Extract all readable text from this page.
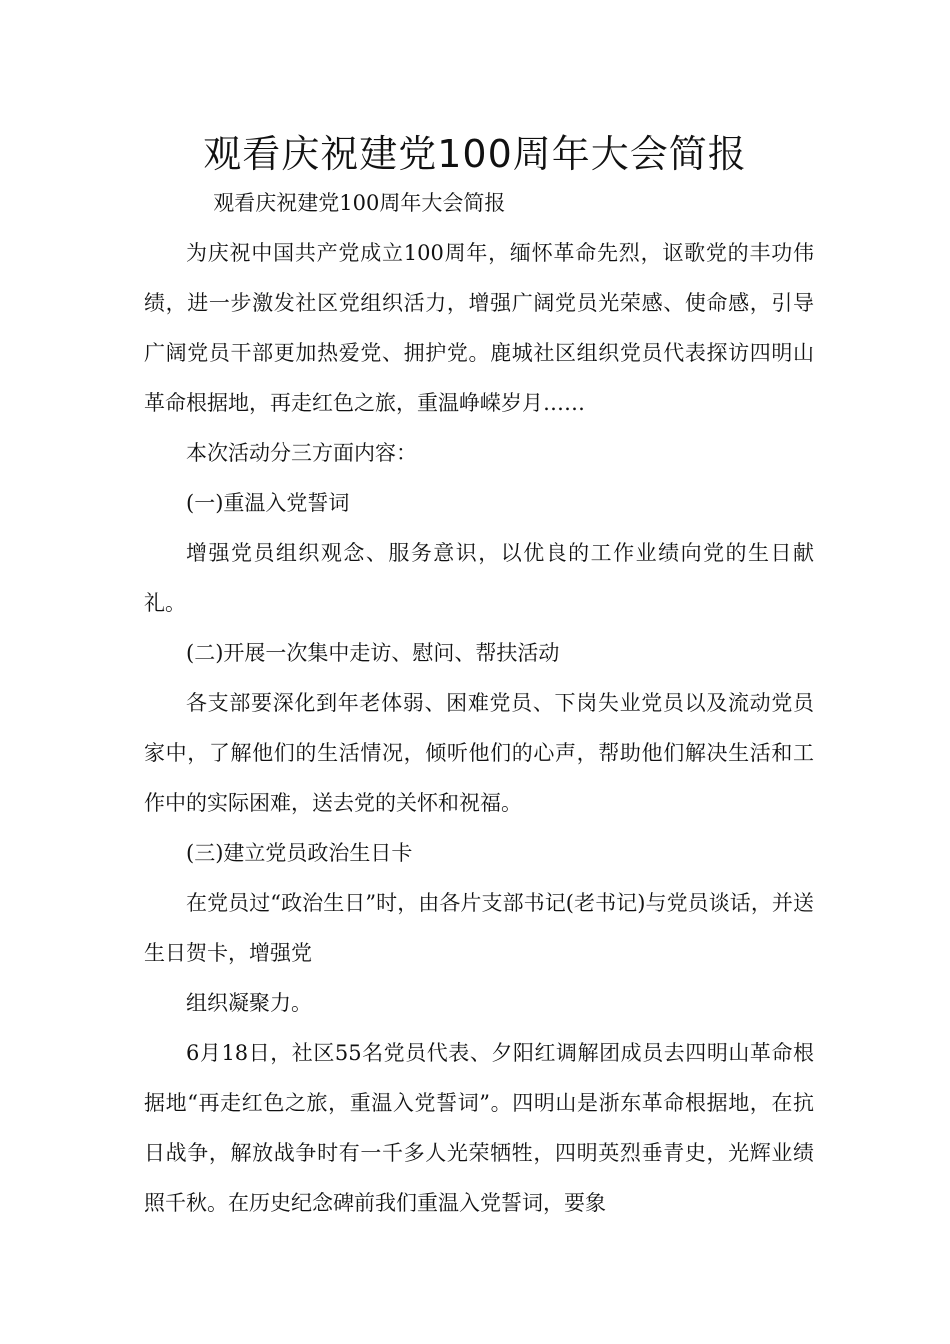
观看庆祝建党100周年大会简报

观看庆祝建党100周年大会简报

为庆祝中国共产党成立100周年，缅怀革命先烈，讴歌党的丰功伟绩，进一步激发社区党组织活力，增强广阔党员光荣感、使命感，引导广阔党员干部更加热爱党、拥护党。鹿城社区组织党员代表探访四明山革命根据地，再走红色之旅，重温峥嵘岁月……

本次活动分三方面内容：

(一)重温入党誓词

增强党员组织观念、服务意识，以优良的工作业绩向党的生日献礼。

(二)开展一次集中走访、慰问、帮扶活动

各支部要深化到年老体弱、困难党员、下岗失业党员以及流动党员家中，了解他们的生活情况，倾听他们的心声，帮助他们解决生活和工作中的实际困难，送去党的关怀和祝福。

(三)建立党员政治生日卡

在党员过“政治生日”时，由各片支部书记(老书记)与党员谈话，并送生日贺卡，增强党

组织凝聚力。

6月18日，社区55名党员代表、夕阳红调解团成员去四明山革命根据地“再走红色之旅，重温入党誓词”。四明山是浙东革命根据地，在抗日战争，解放战争时有一千多人光荣牺牲，四明英烈垂青史，光辉业绩照千秋。在历史纪念碑前我们重温入党誓词，要象
